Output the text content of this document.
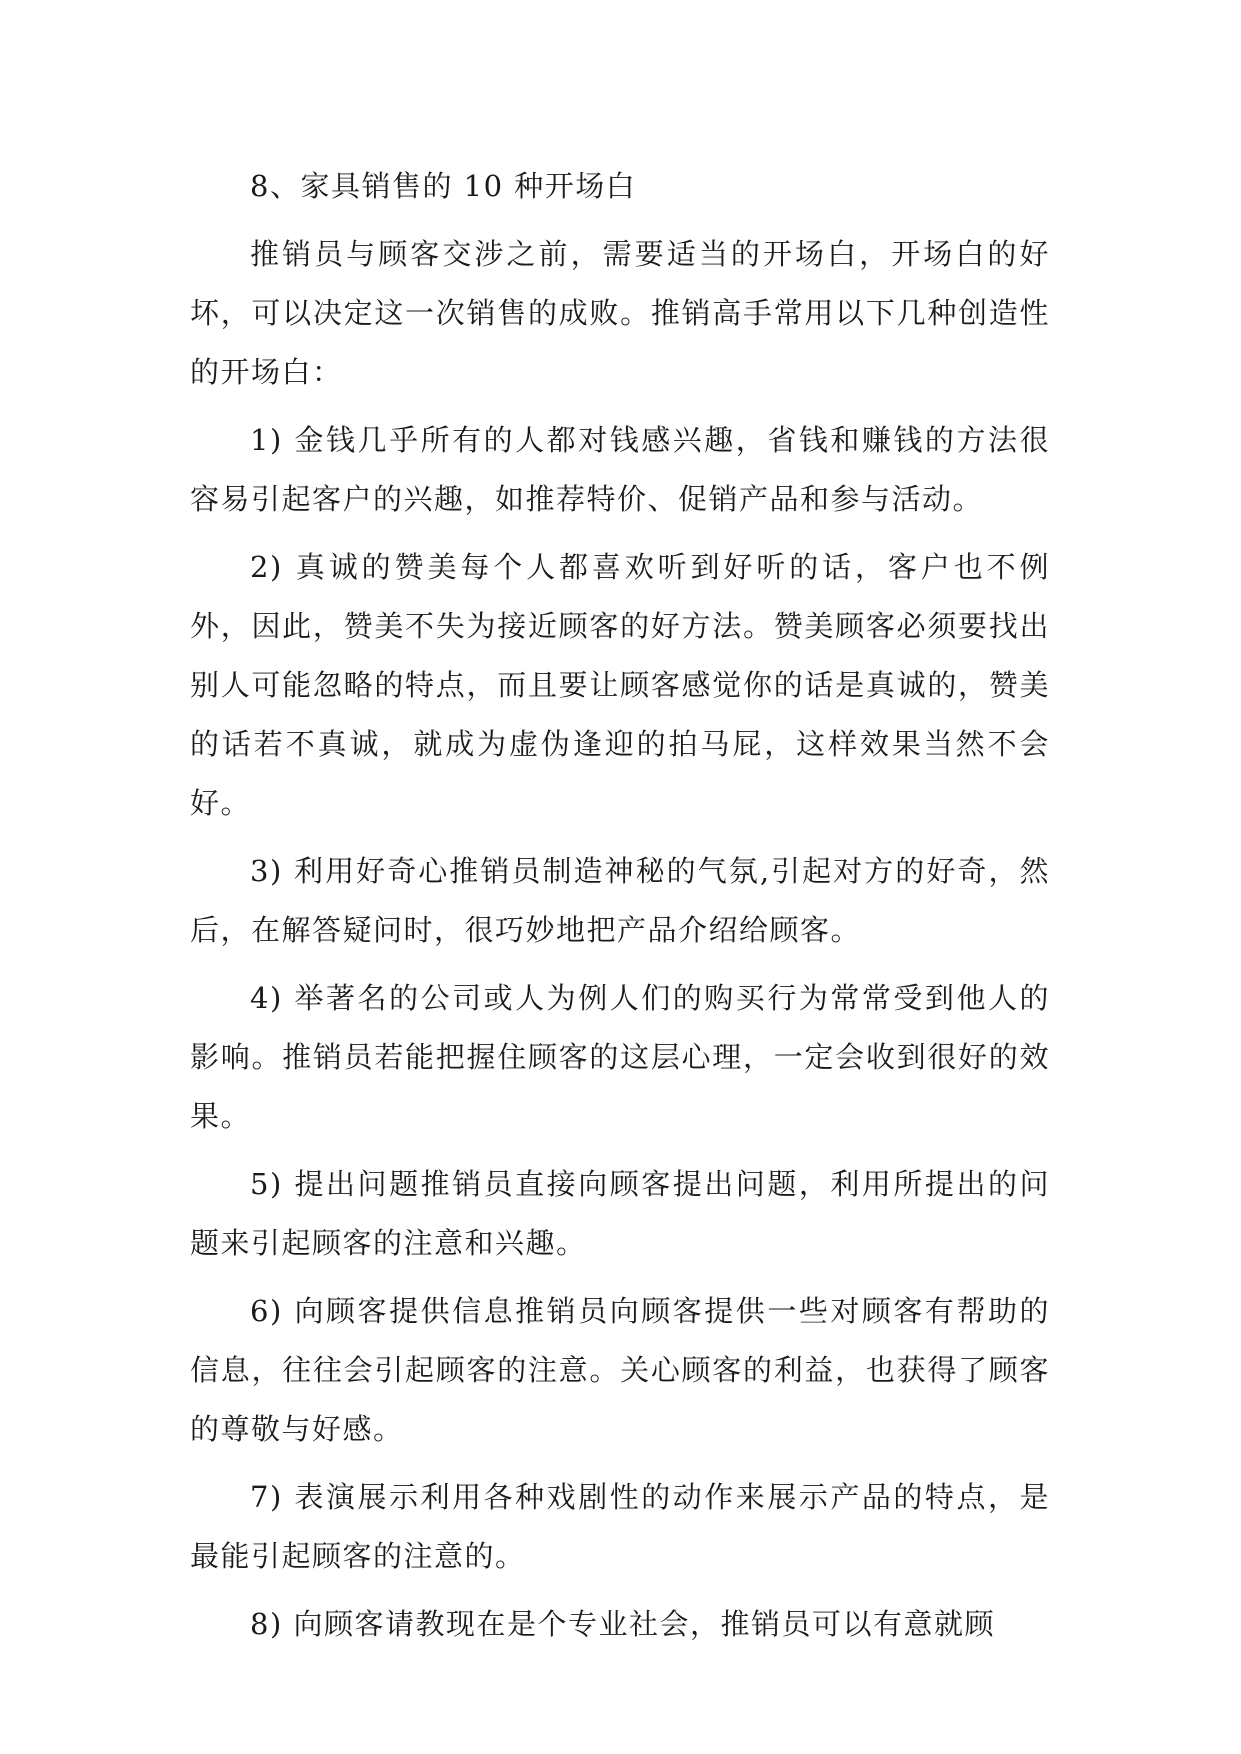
8、家具销售的 10 种开场白

推销员与顾客交涉之前，需要适当的开场白，开场白的好坏，可以决定这一次销售的成败。推销高手常用以下几种创造性的开场白：

1) 金钱几乎所有的人都对钱感兴趣，省钱和赚钱的方法很容易引起客户的兴趣，如推荐特价、促销产品和参与活动。

2) 真诚的赞美每个人都喜欢听到好听的话，客户也不例外，因此，赞美不失为接近顾客的好方法。赞美顾客必须要找出别人可能忽略的特点，而且要让顾客感觉你的话是真诚的，赞美的话若不真诚，就成为虚伪逢迎的拍马屁，这样效果当然不会好。

3) 利用好奇心推销员制造神秘的气氛,引起对方的好奇，然后，在解答疑问时，很巧妙地把产品介绍给顾客。

4) 举著名的公司或人为例人们的购买行为常常受到他人的影响。推销员若能把握住顾客的这层心理，一定会收到很好的效果。

5) 提出问题推销员直接向顾客提出问题，利用所提出的问题来引起顾客的注意和兴趣。

6) 向顾客提供信息推销员向顾客提供一些对顾客有帮助的信息，往往会引起顾客的注意。关心顾客的利益，也获得了顾客的尊敬与好感。

7) 表演展示利用各种戏剧性的动作来展示产品的特点，是最能引起顾客的注意的。

8) 向顾客请教现在是个专业社会，推销员可以有意就顾
